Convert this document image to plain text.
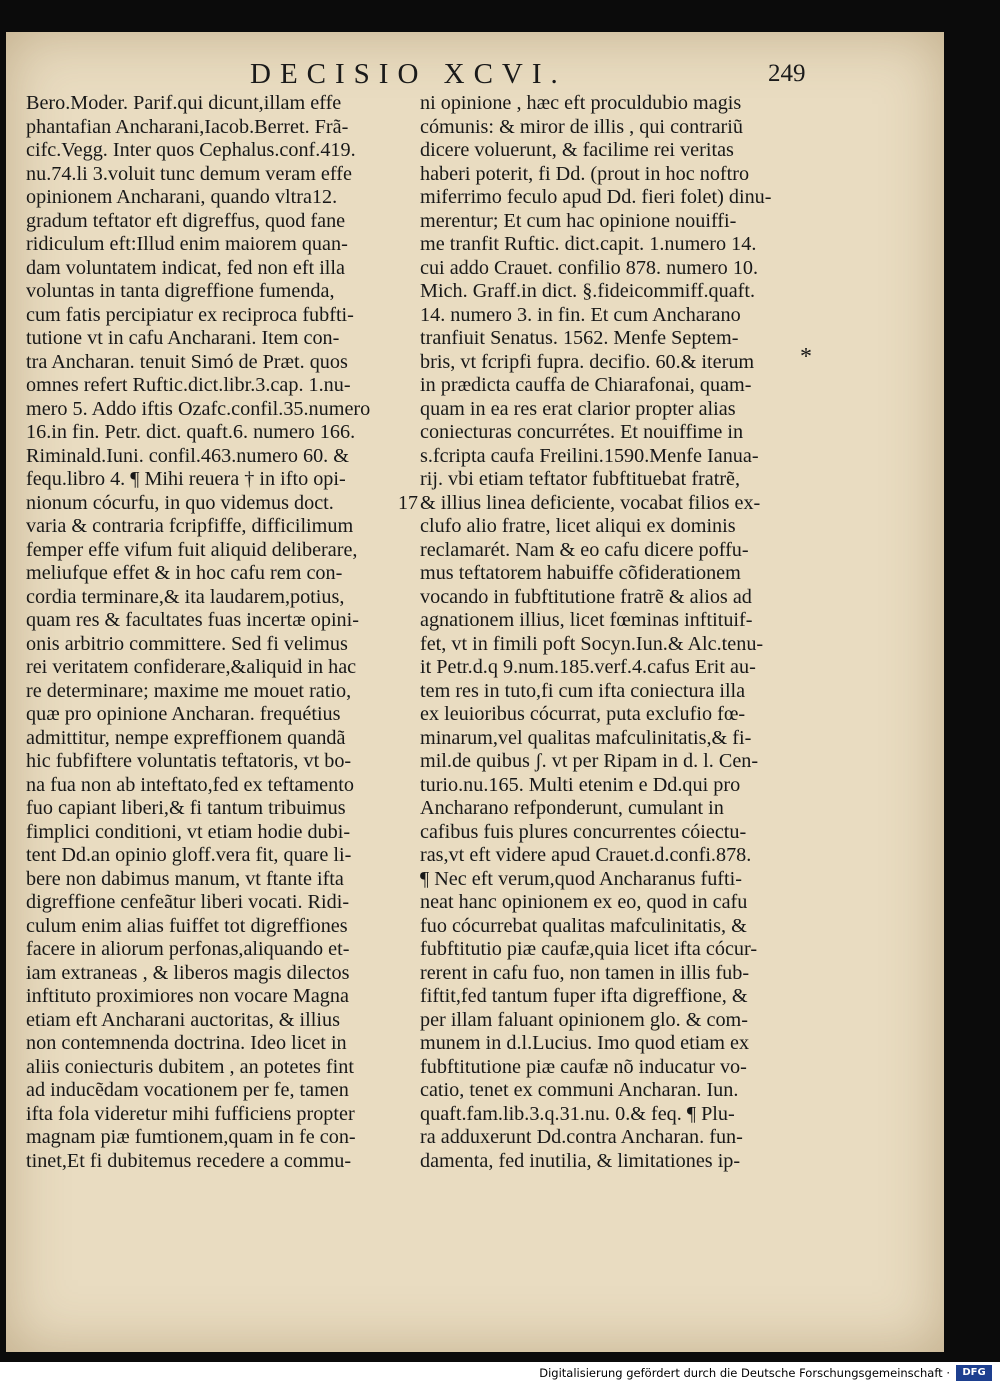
DECISIO XCVI.	249
Bero.Moder. Parif.qui dicunt,illam effe
phantafian Ancharani,Iacob.Berret. Frã-
cifc.Vegg. Inter quos Cephalus.conf.419.
nu.74.li 3.voluit tunc demum veram effe
opinionem Ancharani, quando vltra12.
gradum teftator eft digreffus, quod fane
ridiculum eft:Illud enim maiorem quan-
dam voluntatem indicat, fed non eft illa
voluntas in tanta digreffione fumenda,
cum fatis percipiatur ex reciproca fubfti-
tutione vt in cafu Ancharani. Item con-
tra Ancharan. tenuit Simó de Præt. quos
omnes refert Ruftic.dict.libr.3.cap. 1.nu-
mero 5. Addo iftis Ozafc.confil.35.numero
16.in fin. Petr. dict. quaft.6. numero 166.
Riminald.Iuni. confil.463.numero 60. &
fequ.libro 4. ¶ Mihi reuera † in ifto opi-
nionum cócurfu, in quo videmus doct.
varia & contraria fcripfiffe, difficilimum
femper effe vifum fuit aliquid deliberare,
meliufque effet & in hoc cafu rem con-
cordia terminare,& ita laudarem,potius,
quam res & facultates fuas incertæ opini-
onis arbitrio committere. Sed fi velimus
rei veritatem confiderare,&aliquid in hac
re determinare; maxime me mouet ratio,
quæ pro opinione Ancharan. frequétius
admittitur, nempe expreffionem quandã
hic fubfiftere voluntatis teftatoris, vt bo-
na fua non ab inteftato,fed ex teftamento
fuo capiant liberi,& fi tantum tribuimus
fimplici conditioni, vt etiam hodie dubi-
tent Dd.an opinio gloff.vera fit, quare li-
bere non dabimus manum, vt ftante ifta
digreffione cenfeãtur liberi vocati. Ridi-
culum enim alias fuiffet tot digreffiones
facere in aliorum perfonas,aliquando et-
iam extraneas , & liberos magis dilectos
inftituto proximiores non vocare Magna
etiam eft Ancharani auctoritas, & illius
non contemnenda doctrina. Ideo licet in
aliis coniecturis dubitem , an potetes fint
ad inducẽdam vocationem per fe, tamen
ifta fola videretur mihi fufficiens propter
magnam piæ fumtionem,quam in fe con-
tinet,Et fi dubitemus recedere a commu-
ni opinione , hæc eft proculdubio magis
cómunis: & miror de illis , qui contrariũ
dicere voluerunt, & facilime rei veritas
haberi poterit, fi Dd. (prout in hoc noftro
miferrimo feculo apud Dd. fieri folet) dinu-
merentur; Et cum hac opinione nouiffi-
me tranfit Ruftic. dict.capit. 1.numero 14.
cui addo Crauet. confilio 878. numero 10.
Mich. Graff.in dict. §.fideicommiff.quaft.
14. numero 3. in fin. Et cum Ancharano
tranfiuit Senatus. 1562. Menfe Septem-
bris, vt fcripfi fupra. decifio. 60.& iterum
in prædicta cauffa de Chiarafonai, quam-
quam in ea res erat clarior propter alias
coniecturas concurrétes. Et nouiffime in
s.fcripta caufa Freilini.1590.Menfe Ianua-
rij. vbi etiam teftator fubftituebat fratrẽ,
& illius linea deficiente, vocabat filios ex-
clufo alio fratre, licet aliqui ex dominis
reclamarét. Nam & eo cafu dicere poffu-
mus teftatorem habuiffe cõfiderationem
vocando in fubftitutione fratrẽ & alios ad
agnationem illius, licet fœminas inftituif-
fet, vt in fimili poft Socyn.Iun.& Alc.tenu-
it Petr.d.q 9.num.185.verf.4.cafus Erit au-
tem res in tuto,fi cum ifta coniectura illa
ex leuioribus cócurrat, puta exclufio fœ-
minarum,vel qualitas mafculinitatis,& fi-
mil.de quibus ʃ. vt per Ripam in d. l. Cen-
turio.nu.165. Multi etenim e Dd.qui pro
Ancharano refponderunt, cumulant in
cafibus fuis plures concurrentes cóiectu-
ras,vt eft videre apud Crauet.d.confi.878.
¶ Nec eft verum,quod Ancharanus fufti-
neat hanc opinionem ex eo, quod in cafu
fuo cócurrebat qualitas mafculinitatis, &
fubftitutio piæ caufæ,quia licet ifta cócur-
rerent in cafu fuo, non tamen in illis fub-
fiftit,fed tantum fuper ifta digreffione, &
per illam faluant opinionem glo. & com-
munem in d.l.Lucius. Imo quod etiam ex
fubftitutione piæ caufæ nõ inducatur vo-
catio, tenet ex communi Ancharan. Iun.
quaft.fam.lib.3.q.31.nu. 0.& feq. ¶ Plu-
ra adduxerunt Dd.contra Ancharan. fun-
damenta, fed inutilia, & limitationes ip-
17
*
Digitalisierung gefördert durch die Deutsche Forschungsgemeinschaft ·	DFG
